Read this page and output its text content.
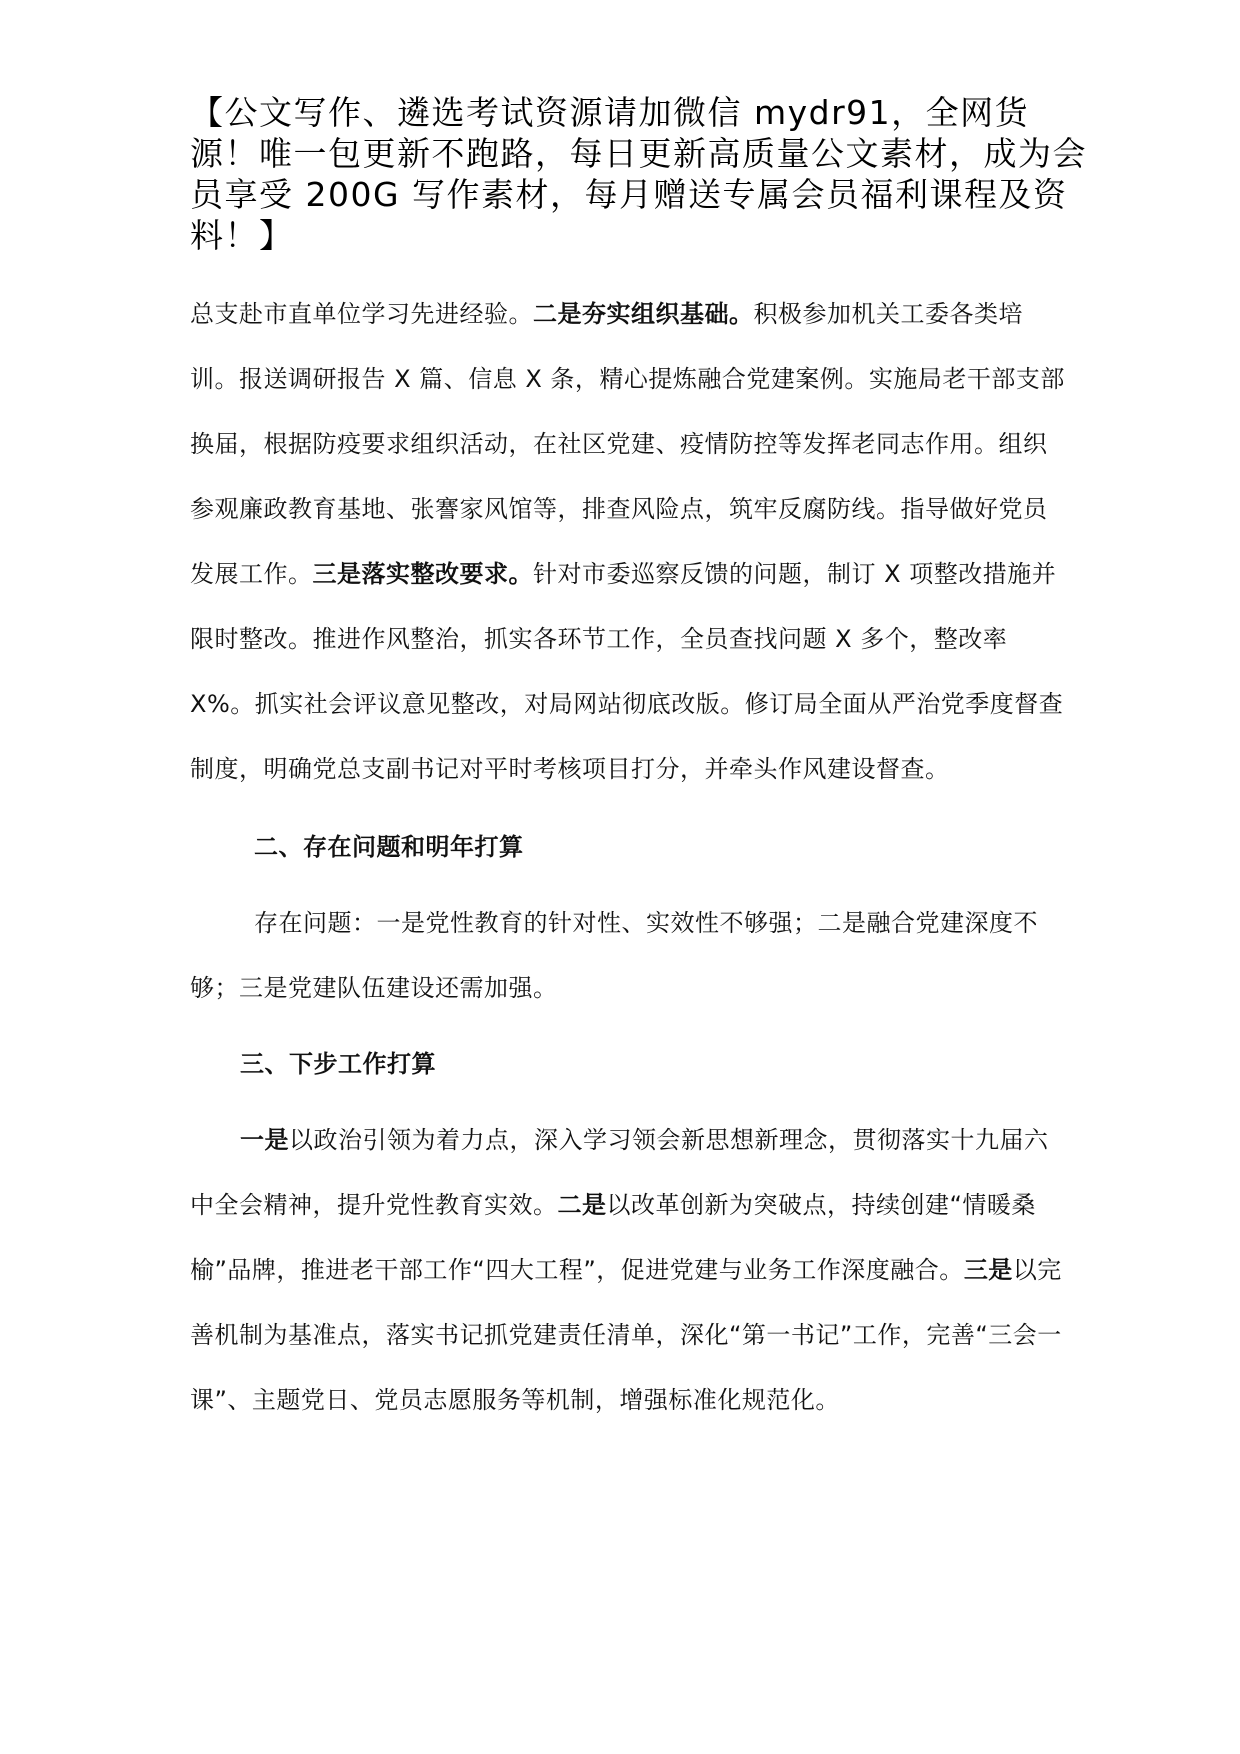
【公文写作、遴选考试资源请加微信 mydr91，全网货源！唯一包更新不跑路，每日更新高质量公文素材，成为会员享受 200G 写作素材，每月赠送专属会员福利课程及资料！】

总支赴市直单位学习先进经验。二是夯实组织基础。积极参加机关工委各类培训。报送调研报告 X 篇、信息 X 条，精心提炼融合党建案例。实施局老干部支部换届，根据防疫要求组织活动，在社区党建、疫情防控等发挥老同志作用。组织参观廉政教育基地、张謇家风馆等，排查风险点，筑牢反腐防线。指导做好党员发展工作。三是落实整改要求。针对市委巡察反馈的问题，制订 X 项整改措施并限时整改。推进作风整治，抓实各环节工作，全员查找问题 X 多个，整改率 X%。抓实社会评议意见整改，对局网站彻底改版。修订局全面从严治党季度督查制度，明确党总支副书记对平时考核项目打分，并牵头作风建设督查。

二、存在问题和明年打算

存在问题：一是党性教育的针对性、实效性不够强；二是融合党建深度不够；三是党建队伍建设还需加强。

三、下步工作打算

一是以政治引领为着力点，深入学习领会新思想新理念，贯彻落实十九届六中全会精神，提升党性教育实效。二是以改革创新为突破点，持续创建“情暖桑榆”品牌，推进老干部工作“四大工程”，促进党建与业务工作深度融合。三是以完善机制为基准点，落实书记抓党建责任清单，深化“第一书记”工作，完善“三会一课”、主题党日、党员志愿服务等机制，增强标准化规范化。
